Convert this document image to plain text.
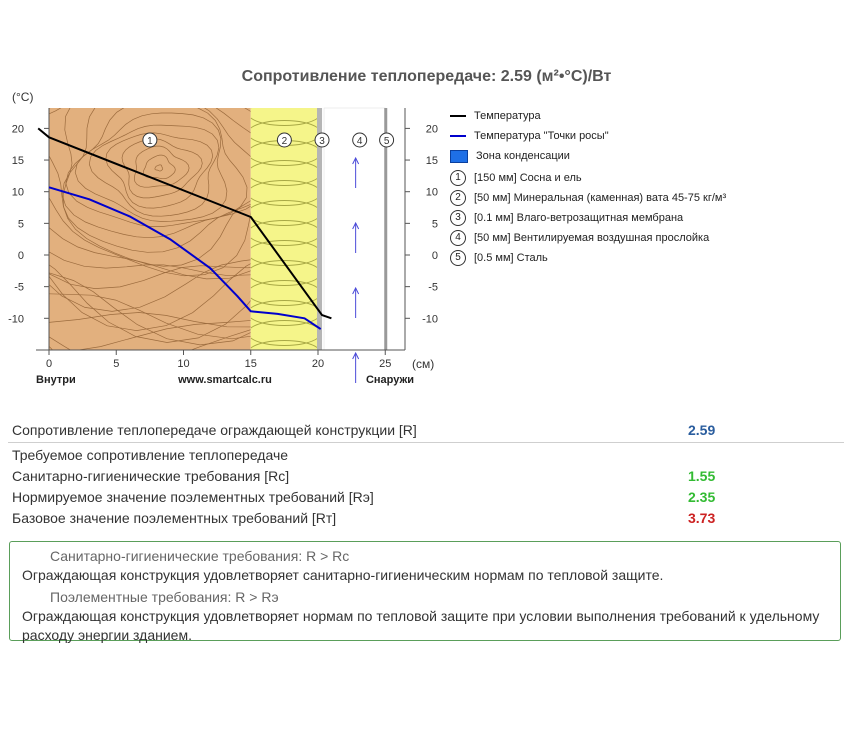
Сопротивление теплопередаче: 2.59 (м²•°С)/Вт
20	20
15	15
10	10
5	5
0	0
-5	-5
-10	-10
(°С)
0	5	10	15	20	25 (см)
Внутри	www.smartcalc.ru	Снаружи
1	2	3	4 5
Температура
Температура "Точки росы"
Зона конденсации
1	[150 мм]
Сосна и ель
2	[50 мм]
Минеральная (каменная) вата 45-75 кг/м³
3	[0.1 мм]
Влаго-ветрозащитная мембрана
4	[50 мм]
Вентилируемая воздушная прослойка
5	[0.5 мм]
Сталь
Сопротивление теплопередаче ограждающей конструкции [R]	2.59
Требуемое сопротивление теплопередаче
Санитарно-гигиенические требования [Rс]	1.55
Нормируемое значение поэлементных требований [Rэ]	2.35
Базовое значение поэлементных требований [Rт]	3.73
Санитарно-гигиенические требования: R > Rс
Ограждающая конструкция удовлетворяет санитарно-гигиеническим нормам по тепловой защите.
Поэлементные требования: R > Rэ
Ограждающая конструкция удовлетворяет нормам по тепловой защите при условии выполнения требований к удельному расходу энергии зданием.
